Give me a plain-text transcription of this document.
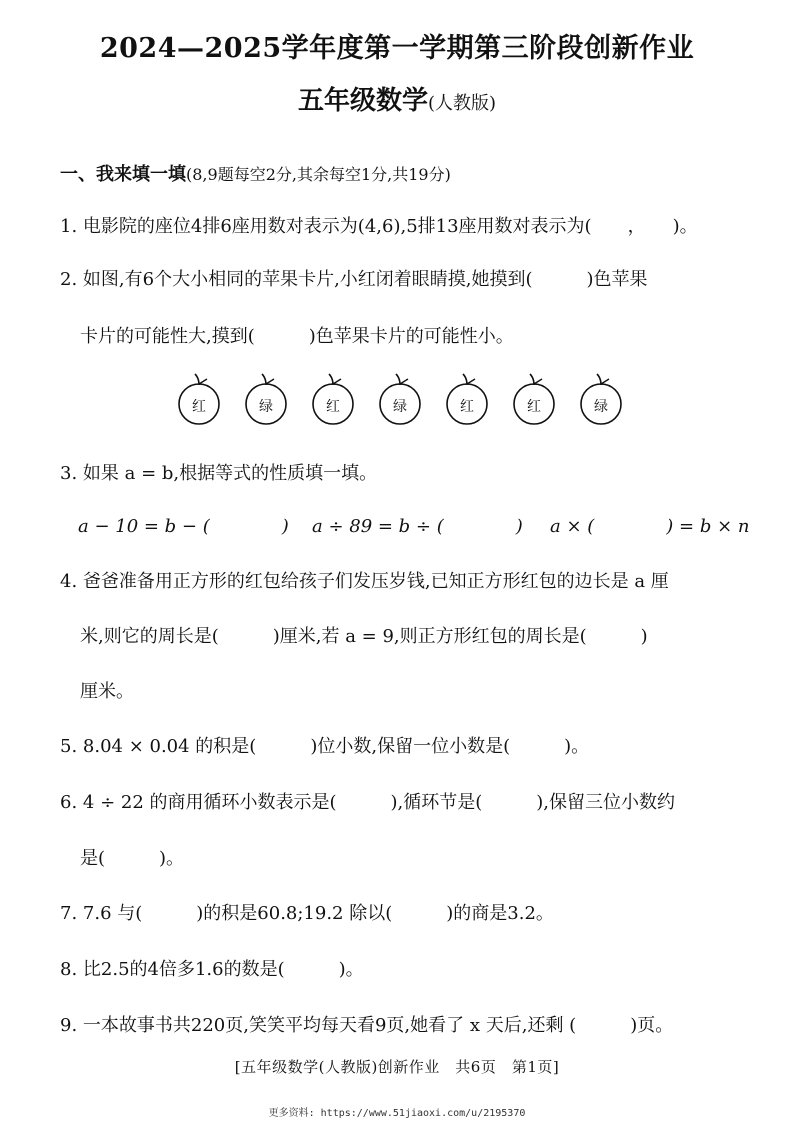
2024—2025学年度第一学期第三阶段创新作业
五年级数学(人教版)
一、我来填一填(8,9题每空2分,其余每空1分,共19分)
1. 电影院的座位4排6座用数对表示为(4,6),5排13座用数对表示为(　　，　　)。
2. 如图,有6个大小相同的苹果卡片,小红闭着眼睛摸,她摸到(　　　)色苹果
卡片的可能性大,摸到(　　　)色苹果卡片的可能性小。
红	绿	红	绿	红	红	绿
3. 如果 a = b,根据等式的性质填一填。
a − 10 = b − (　　　　) a ÷ 89 = b ÷ (　　　　) a × (　　　　) = b × n
4. 爸爸准备用正方形的红包给孩子们发压岁钱,已知正方形红包的边长是 a 厘
米,则它的周长是(　　　)厘米,若 a = 9,则正方形红包的周长是(　　　)
厘米。
5. 8.04 × 0.04 的积是(　　　)位小数,保留一位小数是(　　　)。
6. 4 ÷ 22 的商用循环小数表示是(　　　),循环节是(　　　),保留三位小数约
是(　　　)。
7. 7.6 与(　　　)的积是60.8;19.2 除以(　　　)的商是3.2。
8. 比2.5的4倍多1.6的数是(　　　)。
9. 一本故事书共220页,笑笑平均每天看9页,她看了 x 天后,还剩 (　　　)页。
[五年级数学(人教版)创新作业　共6页　第1页]
更多资料: https://www.51jiaoxi.com/u/2195370
